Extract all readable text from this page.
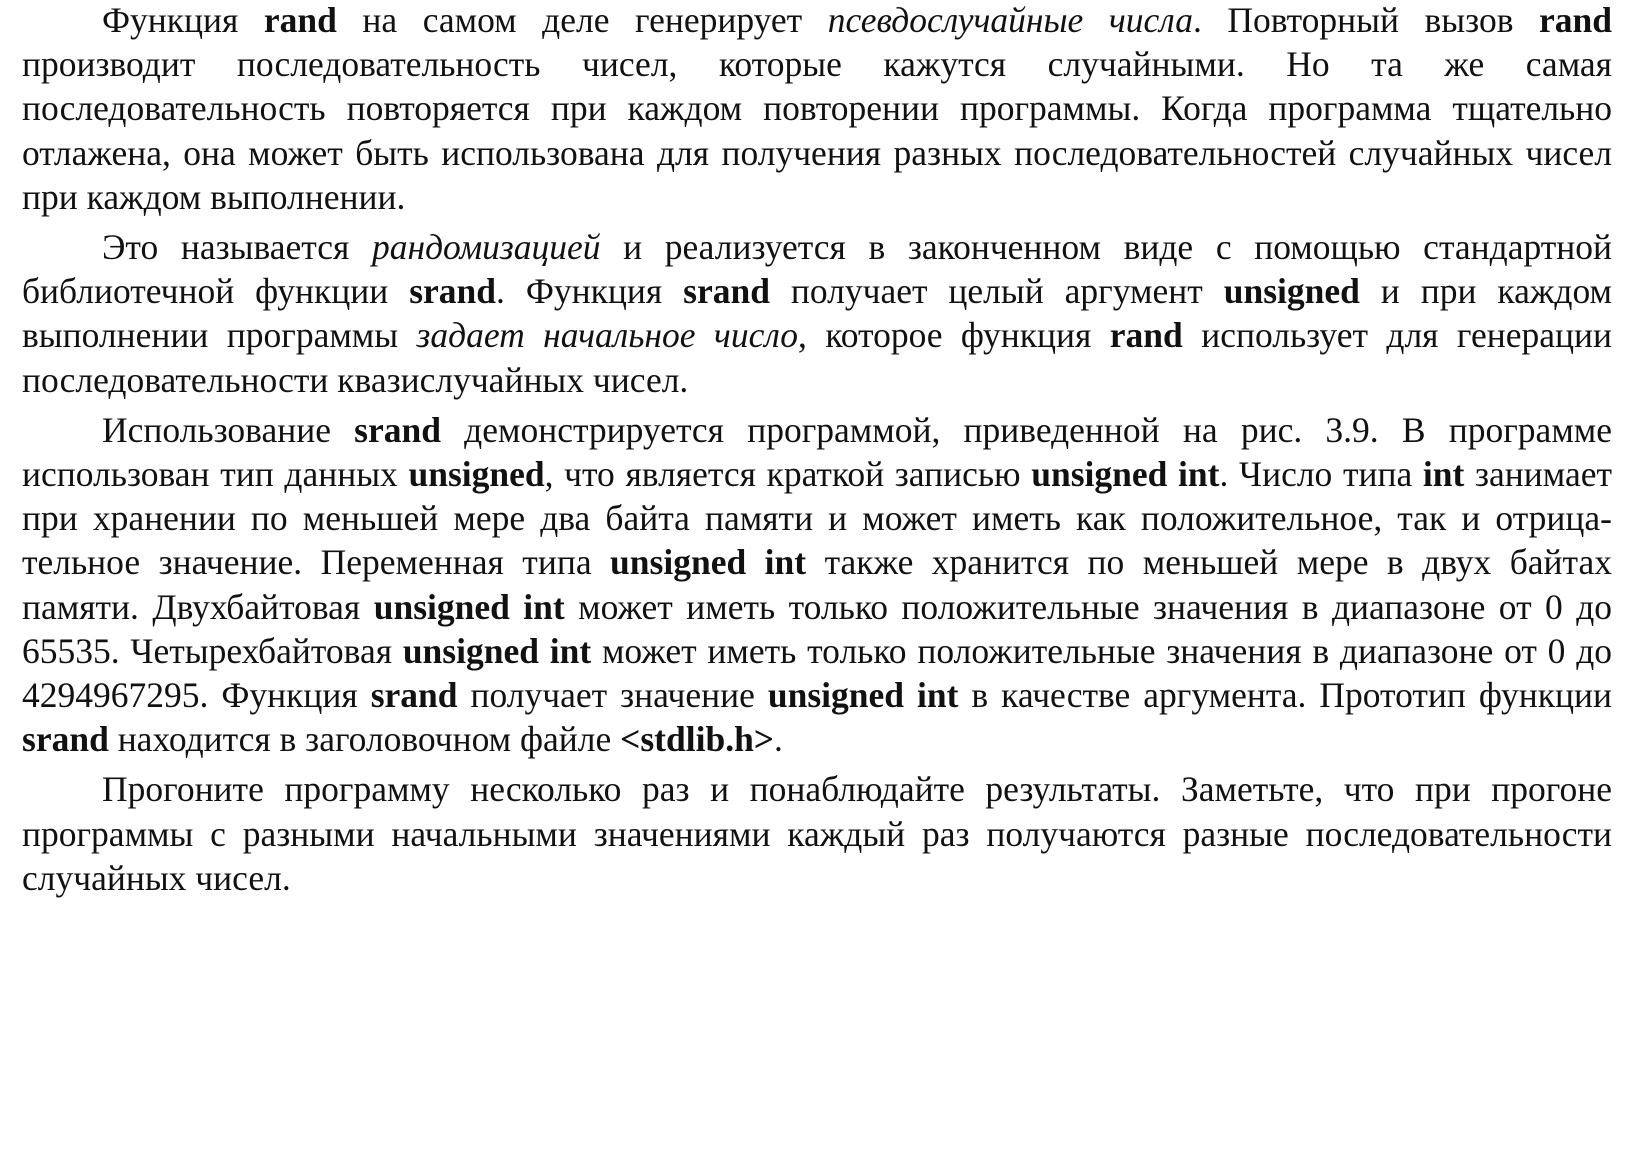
Функция rand на самом деле генерирует псевдослучайные числа. Повторный вызов rand производит последовательность чисел, которые кажутся случайными. Но та же самая последовательность повторяется при каждом повторении программы. Когда программа тщательно отлажена, она может быть использована для получения разных последовательностей случайных чисел при каждом выполнении.

Это называется рандомизацией и реализуется в законченном виде с помощью стандартной библиотечной функции srand. Функция srand получает целый аргумент unsigned и при каждом выполнении программы задает начальное число, которое функция rand использует для генерации последовательности квазислучайных чисел.

Использование srand демонстрируется программой, приведенной на рис. 3.9. В программе использован тип данных unsigned, что является краткой записью unsigned int. Число типа int занимает при хранении по меньшей мере два байта памяти и может иметь как положительное, так и отрицательное значение. Переменная типа unsigned int также хранится по меньшей мере в двух байтах памяти. Двухбайтовая unsigned int может иметь только положительные значения в диапазоне от 0 до 65535. Четырехбайтовая unsigned int может иметь только положительные значения в диапазоне от 0 до 4294967295. Функция srand получает значение unsigned int в качестве аргумента. Прототип функции srand находится в заголовочном файле <stdlib.h>.

Прогоните программу несколько раз и понаблюдайте результаты. Заметьте, что при прогоне программы с разными начальными значениями каждый раз получаются разные последовательности случайных чисел.
